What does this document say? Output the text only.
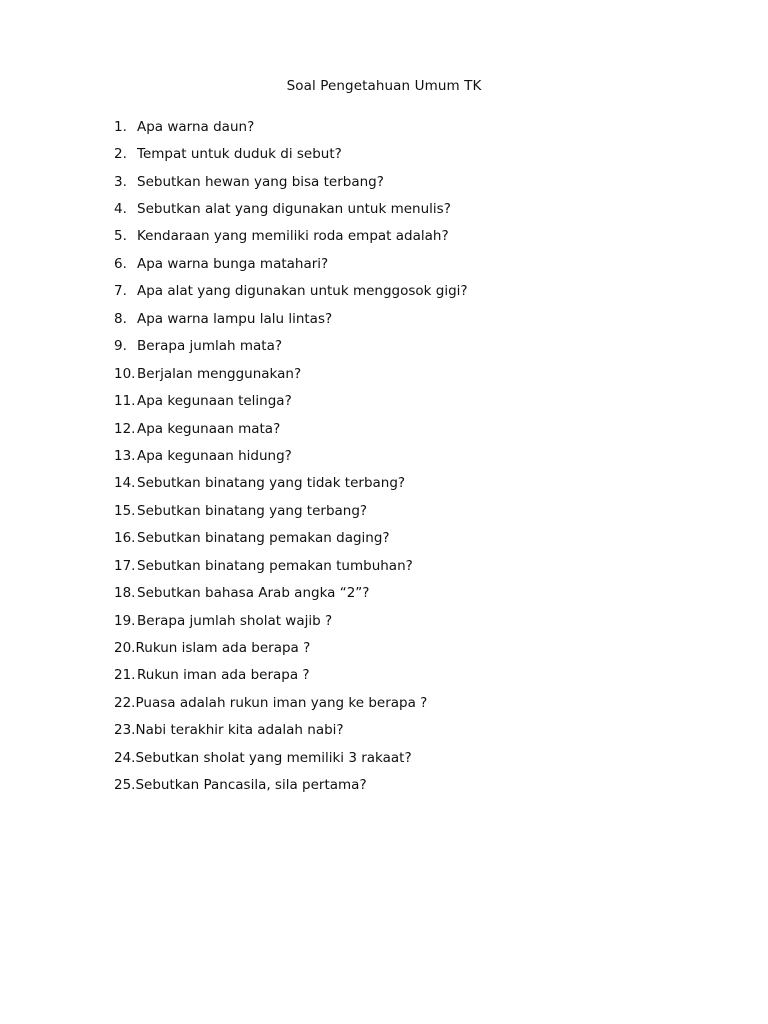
Soal Pengetahuan Umum TK
1. Apa warna daun?
2. Tempat untuk duduk di sebut?
3. Sebutkan hewan yang bisa terbang?
4. Sebutkan alat yang digunakan untuk menulis?
5. Kendaraan yang memiliki roda empat adalah?
6. Apa warna bunga matahari?
7. Apa alat yang digunakan untuk menggosok gigi?
8. Apa warna lampu lalu lintas?
9. Berapa jumlah mata?
10. Berjalan menggunakan?
11. Apa kegunaan telinga?
12. Apa kegunaan mata?
13. Apa kegunaan hidung?
14. Sebutkan binatang yang tidak terbang?
15. Sebutkan binatang yang terbang?
16. Sebutkan binatang pemakan daging?
17. Sebutkan binatang pemakan tumbuhan?
18. Sebutkan bahasa Arab angka “2”?
19. Berapa jumlah sholat wajib ?
20. Rukun islam ada berapa ?
21. Rukun iman ada berapa ?
22. Puasa adalah rukun iman yang ke berapa ?
23. Nabi terakhir kita adalah nabi?
24. Sebutkan sholat yang memiliki 3 rakaat?
25. Sebutkan Pancasila, sila pertama?
